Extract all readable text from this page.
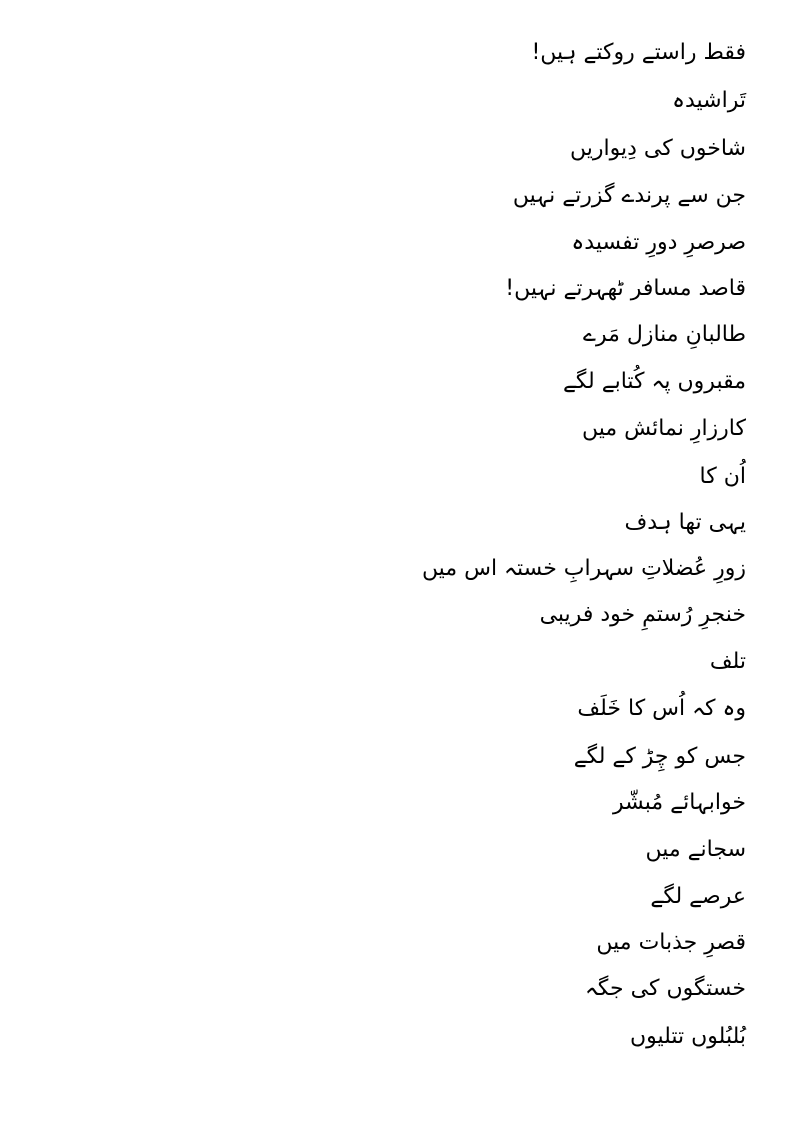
فقط راستے روکتے ہیں!
تَراشیدہ
شاخوں کی دِیواریں
جن سے پرندے گزرتے نہیں
صرصرِ دورِ تفسیدہ
قاصد مسافر ٹھہرتے نہیں!
طالبانِ منازل مَرے
مقبروں پہ کُتابے لگے
کارزارِ نمائش میں
اُن کا
یہی تھا ہدف
زورِ عُضلاتِ سہرابِ خستہ اس میں
خنجرِ رُستمِ خود فریبی
تلف
وہ کہ اُس کا خَلَف
جس کو چِڑ کے لگے
خوابہائے مُبشّر
سجانے میں
عرصے لگے
قصرِ جذبات میں
خستگوں کی جگہ
بُلبُلوں تتلیوں
